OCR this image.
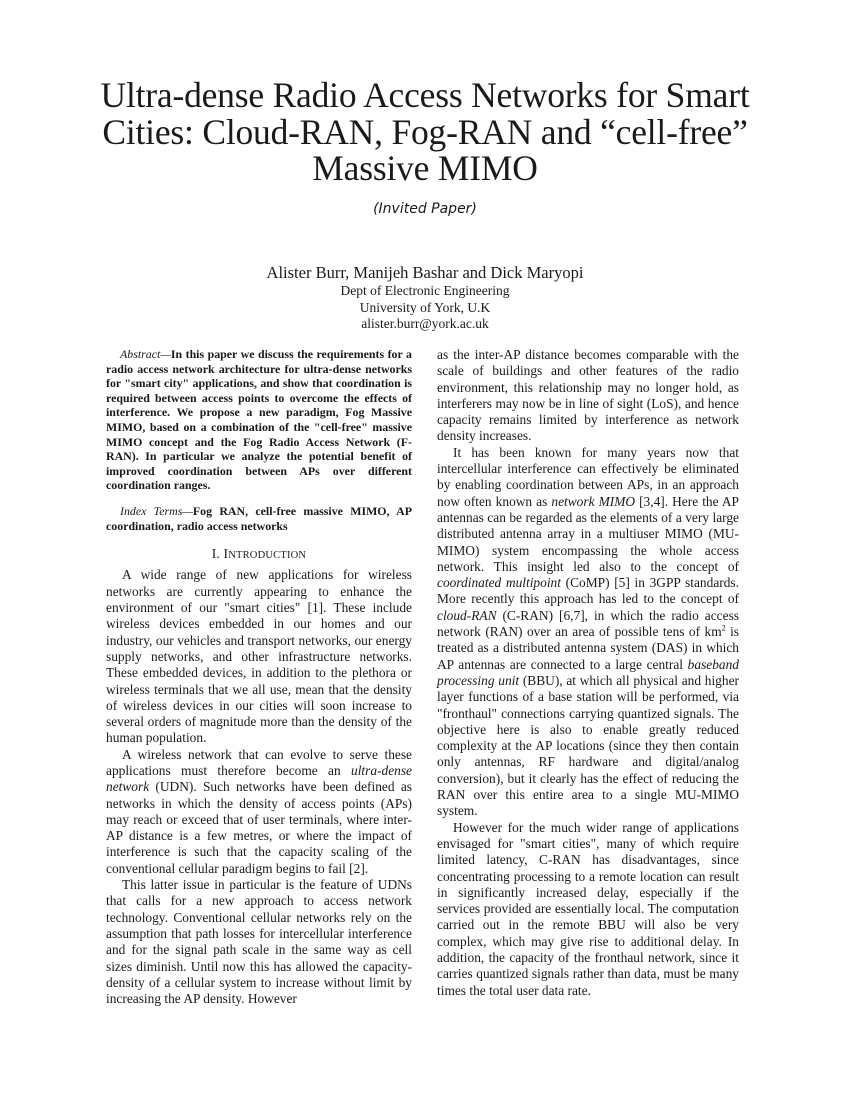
Ultra-dense Radio Access Networks for Smart Cities: Cloud-RAN, Fog-RAN and “cell-free” Massive MIMO
(Invited Paper)
Alister Burr, Manijeh Bashar and Dick Maryopi
Dept of Electronic Engineering
University of York, U.K
alister.burr@york.ac.uk

Abstract—In this paper we discuss the requirements for a radio access network architecture for ultra-dense networks for "smart city" applications, and show that coordination is required between access points to overcome the effects of interference. We propose a new paradigm, Fog Massive MIMO, based on a combination of the "cell-free" massive MIMO concept and the Fog Radio Access Network (F-RAN). In particular we analyze the potential benefit of improved coordination between APs over different coordination ranges.

Index Terms—Fog RAN, cell-free massive MIMO, AP coordination, radio access networks

I. INTRODUCTION

A wide range of new applications for wireless networks are currently appearing to enhance the environment of our "smart cities" [1]. These include wireless devices embedded in our homes and our industry, our vehicles and transport networks, our energy supply networks, and other infrastructure networks. These embedded devices, in addition to the plethora or wireless terminals that we all use, mean that the density of wireless devices in our cities will soon increase to several orders of magnitude more than the density of the human population.

A wireless network that can evolve to serve these applications must therefore become an ultra-dense network (UDN). Such networks have been defined as networks in which the density of access points (APs) may reach or exceed that of user terminals, where inter-AP distance is a few metres, or where the impact of interference is such that the capacity scaling of the conventional cellular paradigm begins to fail [2].

This latter issue in particular is the feature of UDNs that calls for a new approach to access network technology. Conventional cellular networks rely on the assumption that path losses for intercellular interference and for the signal path scale in the same way as cell sizes diminish. Until now this has allowed the capacity-density of a cellular system to increase without limit by increasing the AP density. However

as the inter-AP distance becomes comparable with the scale of buildings and other features of the radio environment, this relationship may no longer hold, as interferers may now be in line of sight (LoS), and hence capacity remains limited by interference as network density increases.

It has been known for many years now that intercellular interference can effectively be eliminated by enabling coordination between APs, in an approach now often known as network MIMO [3,4]. Here the AP antennas can be regarded as the elements of a very large distributed antenna array in a multiuser MIMO (MU-MIMO) system encompassing the whole access network. This insight led also to the concept of coordinated multipoint (CoMP) [5] in 3GPP standards. More recently this approach has led to the concept of cloud-RAN (C-RAN) [6,7], in which the radio access network (RAN) over an area of possible tens of $km^2$ is treated as a distributed antenna system (DAS) in which AP antennas are connected to a large central baseband processing unit (BBU), at which all physical and higher layer functions of a base station will be performed, via "fronthaul" connections carrying quantized signals. The objective here is also to enable greatly reduced complexity at the AP locations (since they then contain only antennas, RF hardware and digital/analog conversion), but it clearly has the effect of reducing the RAN over this entire area to a single MU-MIMO system.

However for the much wider range of applications envisaged for "smart cities", many of which require limited latency, C-RAN has disadvantages, since concentrating processing to a remote location can result in significantly increased delay, especially if the services provided are essentially local. The computation carried out in the remote BBU will also be very complex, which may give rise to additional delay. In addition, the capacity of the fronthaul network, since it carries quantized signals rather than data, must be many times the total user data rate.
